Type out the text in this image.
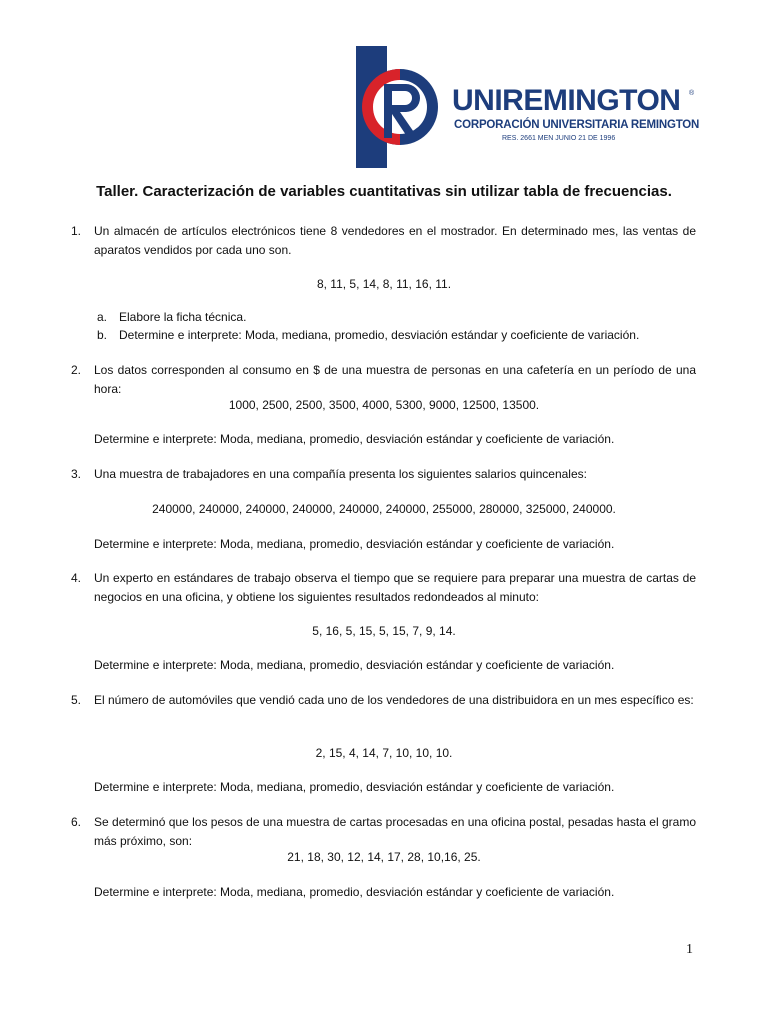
UNIREMINGTON ®
CORPORACIÓN UNIVERSITARIA REMINGTON
RES. 2661 MEN JUNIO 21 DE 1996
Taller. Caracterización de variables cuantitativas sin utilizar tabla de frecuencias.
1. Un almacén de artículos electrónicos tiene 8 vendedores en el mostrador. En determinado mes, las ventas de aparatos vendidos por cada uno son.
8, 11, 5, 14, 8, 11, 16, 11.
a. Elabore la ficha técnica.
b. Determine e interprete: Moda, mediana, promedio, desviación estándar y coeficiente de variación.
2. Los datos corresponden al consumo en $ de una muestra de personas en una cafetería en un período de una hora:
1000, 2500, 2500, 3500, 4000, 5300, 9000, 12500, 13500.
Determine e interprete: Moda, mediana, promedio, desviación estándar y coeficiente de variación.
3. Una muestra de trabajadores en una compañía presenta los siguientes salarios quincenales:
240000, 240000, 240000, 240000, 240000, 240000, 255000, 280000, 325000, 240000.
Determine e interprete: Moda, mediana, promedio, desviación estándar y coeficiente de variación.
4. Un experto en estándares de trabajo observa el tiempo que se requiere para preparar una muestra de cartas de negocios en una oficina, y obtiene los siguientes resultados redondeados al minuto:
5, 16, 5, 15, 5, 15, 7, 9, 14.
Determine e interprete: Moda, mediana, promedio, desviación estándar y coeficiente de variación.
5. El número de automóviles que vendió cada uno de los vendedores de una distribuidora en un mes específico es:
2, 15, 4, 14, 7, 10, 10, 10.
Determine e interprete: Moda, mediana, promedio, desviación estándar y coeficiente de variación.
6. Se determinó que los pesos de una muestra de cartas procesadas en una oficina postal, pesadas hasta el gramo más próximo, son:
21, 18, 30, 12, 14, 17, 28, 10,16, 25.
Determine e interprete: Moda, mediana, promedio, desviación estándar y coeficiente de variación.
1
